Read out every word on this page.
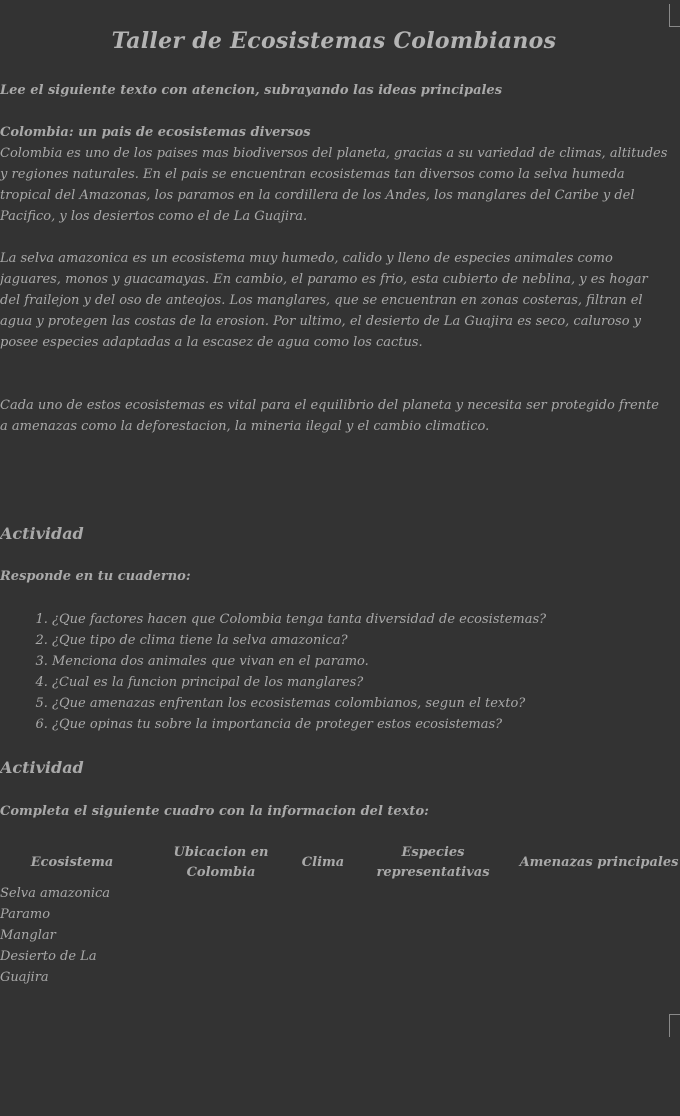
Taller de Ecosistemas Colombianos

Lee el siguiente texto con atencion, subrayando las ideas principales

Colombia: un pais de ecosistemas diversos

Colombia es uno de los paises mas biodiversos del planeta, gracias a su variedad de climas, altitudes y regiones naturales. En el pais se encuentran ecosistemas tan diversos como la selva humeda tropical del Amazonas, los paramos en la cordillera de los Andes, los manglares del Caribe y del Pacifico, y los desiertos como el de La Guajira.

La selva amazonica es un ecosistema muy humedo, calido y lleno de especies animales como jaguares, monos y guacamayas. En cambio, el paramo es frio, esta cubierto de neblina, y es hogar del frailejon y del oso de anteojos. Los manglares, que se encuentran en zonas costeras, filtran el agua y protegen las costas de la erosion. Por ultimo, el desierto de La Guajira es seco, caluroso y posee especies adaptadas a la escasez de agua como los cactus.

Cada uno de estos ecosistemas es vital para el equilibrio del planeta y necesita ser protegido frente a amenazas como la deforestacion, la mineria ilegal y el cambio climatico.

Actividad

Responde en tu cuaderno:

1. ¿Que factores hacen que Colombia tenga tanta diversidad de ecosistemas?
2. ¿Que tipo de clima tiene la selva amazonica?
3. Menciona dos animales que vivan en el paramo.
4. ¿Cual es la funcion principal de los manglares?
5. ¿Que amenazas enfrentan los ecosistemas colombianos, segun el texto?
6. ¿Que opinas tu sobre la importancia de proteger estos ecosistemas?

Actividad

Completa el siguiente cuadro con la informacion del texto:

Ecosistema	Ubicacion en Colombia	Clima	Especies representativas	Amenazas principales
Selva amazonica				
Paramo				
Manglar				
Desierto de La Guajira				
